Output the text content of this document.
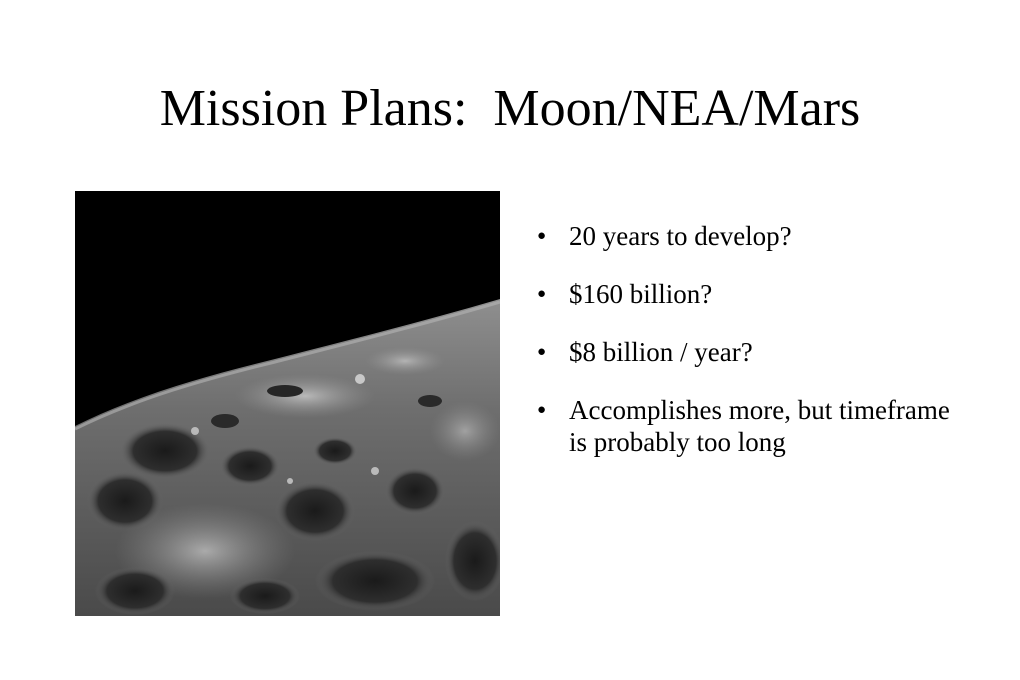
Mission Plans:  Moon/NEA/Mars
● 20 years to develop?
● $160 billion?
● $8 billion / year?
● Accomplishes more, but timeframe is probably too long
